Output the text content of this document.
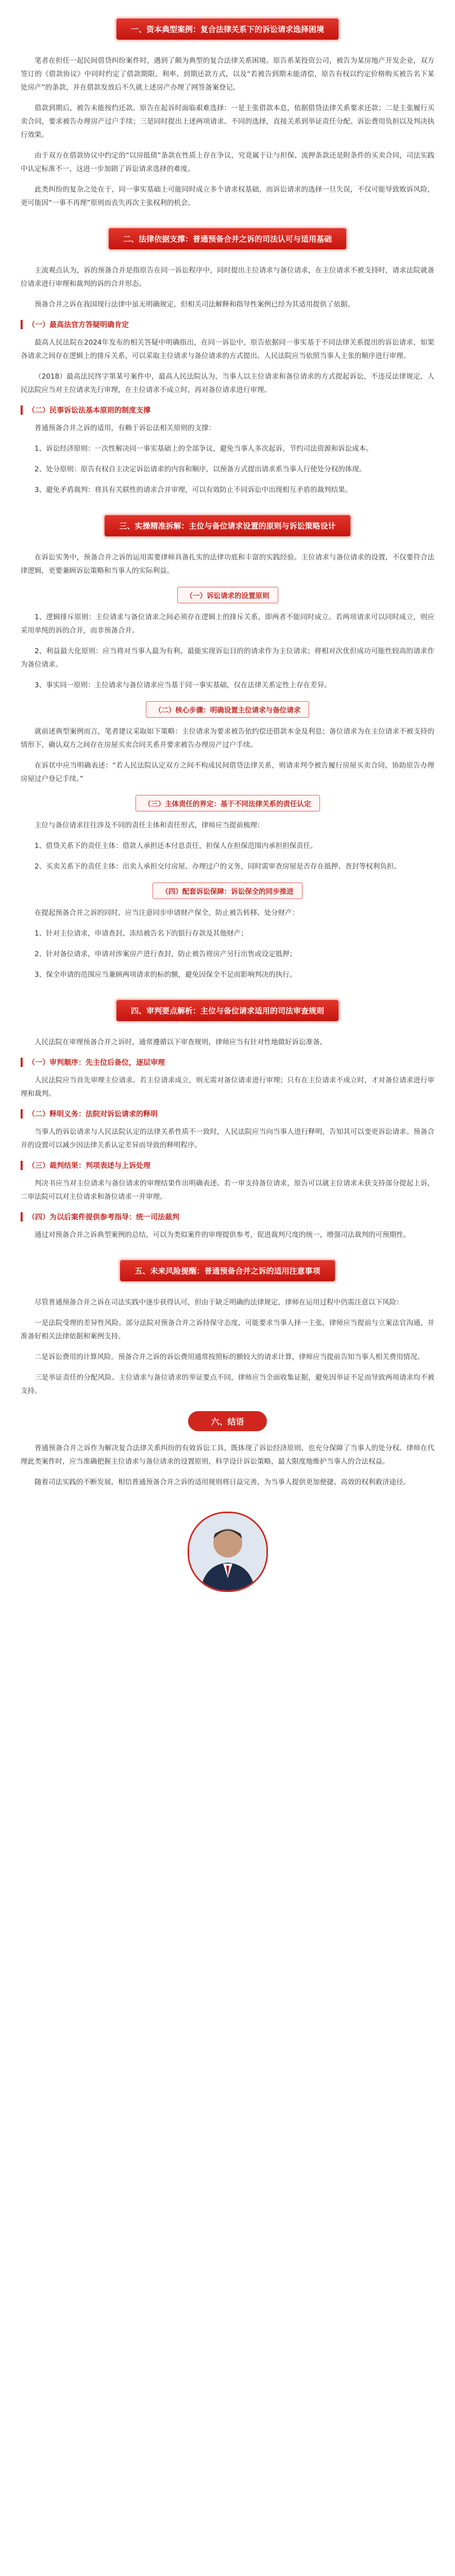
一、资本典型案例：复合法律关系下的诉讼请求选择困境

笔者在担任一起民间借贷纠纷案件时，遇到了颇为典型的复合法律关系困境。原告系某投资公司，被告为某房地产开发企业，双方签订的《借款协议》中同时约定了借款期限、利率、到期还款方式，以及“若被告到期未能清偿，原告有权以约定价格购买被告名下某处房产”的条款，并在借款发放后不久就上述房产办理了网签备案登记。

借款到期后，被告未能按约还款。原告在起诉时面临艰难选择：一是主张借款本息，依据借贷法律关系要求还款；二是主张履行买卖合同，要求被告办理房产过户手续；三是同时提出上述两项请求。不同的选择，直接关系到举证责任分配、诉讼费用负担以及判决执行效果。

由于双方在借款协议中约定的“以房抵债”条款在性质上存在争议，究竟属于让与担保、流押条款还是附条件的买卖合同，司法实践中认定标准不一，这进一步加剧了诉讼请求选择的难度。

此类纠纷的复杂之处在于，同一事实基础上可能同时成立多个请求权基础，而诉讼请求的选择一旦失误，不仅可能导致败诉风险，更可能因“一事不再理”原则而丧失再次主张权利的机会。

二、法律依据支撑：普通预备合并之诉的司法认可与适用基础

主流观点认为，诉的预备合并是指原告在同一诉讼程序中，同时提出主位请求与备位请求，在主位请求不被支持时，请求法院就备位请求进行审理和裁判的诉的合并形态。

预备合并之诉在我国现行法律中虽无明确规定，但相关司法解释和指导性案例已经为其适用提供了依据。

（一）最高法官方答疑明确肯定

最高人民法院在2024年发布的相关答疑中明确指出，在同一诉讼中，原告依据同一事实基于不同法律关系提出的诉讼请求，如果各请求之间存在逻辑上的排斥关系，可以采取主位请求与备位请求的方式提出。人民法院应当依照当事人主张的顺序进行审理。

（2018）最高法民终字第某号案件中，最高人民法院认为，当事人以主位请求和备位请求的方式提起诉讼，不违反法律规定，人民法院应当对主位请求先行审理，在主位请求不成立时，再对备位请求进行审理。

（二）民事诉讼法基本原则的制度支撑

普通预备合并之诉的适用，有赖于诉讼法相关原则的支撑：

1、诉讼经济原则：一次性解决同一事实基础上的全部争议，避免当事人多次起诉，节约司法资源和诉讼成本。

2、处分原则：原告有权自主决定诉讼请求的内容和顺序，以预备方式提出请求系当事人行使处分权的体现。

3、避免矛盾裁判：将具有关联性的请求合并审理，可以有效防止不同诉讼中出现相互矛盾的裁判结果。

三、实操精准拆解：主位与备位请求设置的原则与诉讼策略设计

在诉讼实务中，预备合并之诉的运用需要律师具备扎实的法律功底和丰富的实践经验。主位请求与备位请求的设置，不仅要符合法律逻辑，更要兼顾诉讼策略和当事人的实际利益。

（一）诉讼请求的设置原则

1、逻辑排斥原则：主位请求与备位请求之间必须存在逻辑上的排斥关系，即两者不能同时成立。若两项请求可以同时成立，则应采用单纯的诉的合并，而非预备合并。

2、利益最大化原则：应当将对当事人最为有利、最能实现诉讼目的的请求作为主位请求；将相对次优但成功可能性较高的请求作为备位请求。

3、事实同一原则：主位请求与备位请求应当基于同一事实基础，仅在法律关系定性上存在差异。

（二）核心步骤：明确设置主位请求与备位请求

就前述典型案例而言，笔者建议采取如下策略：主位请求为要求被告依约偿还借款本金及利息；备位请求为在主位请求不被支持的情形下，确认双方之间存在房屋买卖合同关系并要求被告办理房产过户手续。

在诉状中应当明确表述：“若人民法院认定双方之间不构成民间借贷法律关系，则请求判令被告履行房屋买卖合同，协助原告办理房屋过户登记手续。”

（三）主体责任的界定：基于不同法律关系的责任认定

主位与备位请求往往涉及不同的责任主体和责任形式，律师应当提前梳理：

1、借贷关系下的责任主体：借款人承担还本付息责任，担保人在担保范围内承担担保责任。

2、买卖关系下的责任主体：出卖人承担交付房屋、办理过户的义务，同时需审查房屋是否存在抵押、查封等权利负担。

（四）配套诉讼保障：诉讼保全的同步推进

在提起预备合并之诉的同时，应当注意同步申请财产保全，防止被告转移、处分财产：

1、针对主位请求，申请查封、冻结被告名下的银行存款及其他财产；

2、针对备位请求，申请对涉案房产进行查封，防止被告将房产另行出售或设定抵押；

3、保全申请的范围应当兼顾两项请求的标的额，避免因保全不足而影响判决的执行。

四、审判要点解析：主位与备位请求适用的司法审查规则

人民法院在审理预备合并之诉时，通常遵循以下审查规则，律师应当有针对性地做好诉讼准备。

（一）审判顺序：先主位后备位，逐层审理

人民法院应当首先审理主位请求。若主位请求成立，则无需对备位请求进行审理；只有在主位请求不成立时，才对备位请求进行审理和裁判。

（二）释明义务：法院对诉讼请求的释明

当事人的诉讼请求与人民法院认定的法律关系性质不一致时，人民法院应当向当事人进行释明，告知其可以变更诉讼请求。预备合并的设置可以减少因法律关系认定差异而导致的释明程序。

（三）裁判结果：判项表述与上诉处理

判决书应当对主位请求与备位请求的审理结果作出明确表述。若一审支持备位请求，原告可以就主位请求未获支持部分提起上诉，二审法院可以对主位请求和备位请求一并审理。

（四）为以后案件提供参考指导：统一司法裁判

通过对预备合并之诉典型案例的总结，可以为类似案件的审理提供参考，促进裁判尺度的统一，增强司法裁判的可预期性。

五、未来风险提醒：普通预备合并之诉的适用注意事项

尽管普通预备合并之诉在司法实践中逐步获得认可，但由于缺乏明确的法律规定，律师在运用过程中仍需注意以下风险：

一是法院受理的差异性风险。部分法院对预备合并之诉持保守态度，可能要求当事人择一主张，律师应当提前与立案法官沟通，并准备好相关法律依据和案例支持。

二是诉讼费用的计算风险。预备合并之诉的诉讼费用通常按照标的额较大的请求计算，律师应当提前告知当事人相关费用情况。

三是举证责任的分配风险。主位请求与备位请求的举证要点不同，律师应当全面收集证据，避免因举证不足而导致两项请求均不被支持。

六、结语

普通预备合并之诉作为解决复合法律关系纠纷的有效诉讼工具，既体现了诉讼经济原则，也充分保障了当事人的处分权。律师在代理此类案件时，应当准确把握主位请求与备位请求的设置原则，科学设计诉讼策略，最大限度地维护当事人的合法权益。

随着司法实践的不断发展，相信普通预备合并之诉的适用规则将日益完善，为当事人提供更加便捷、高效的权利救济途径。
